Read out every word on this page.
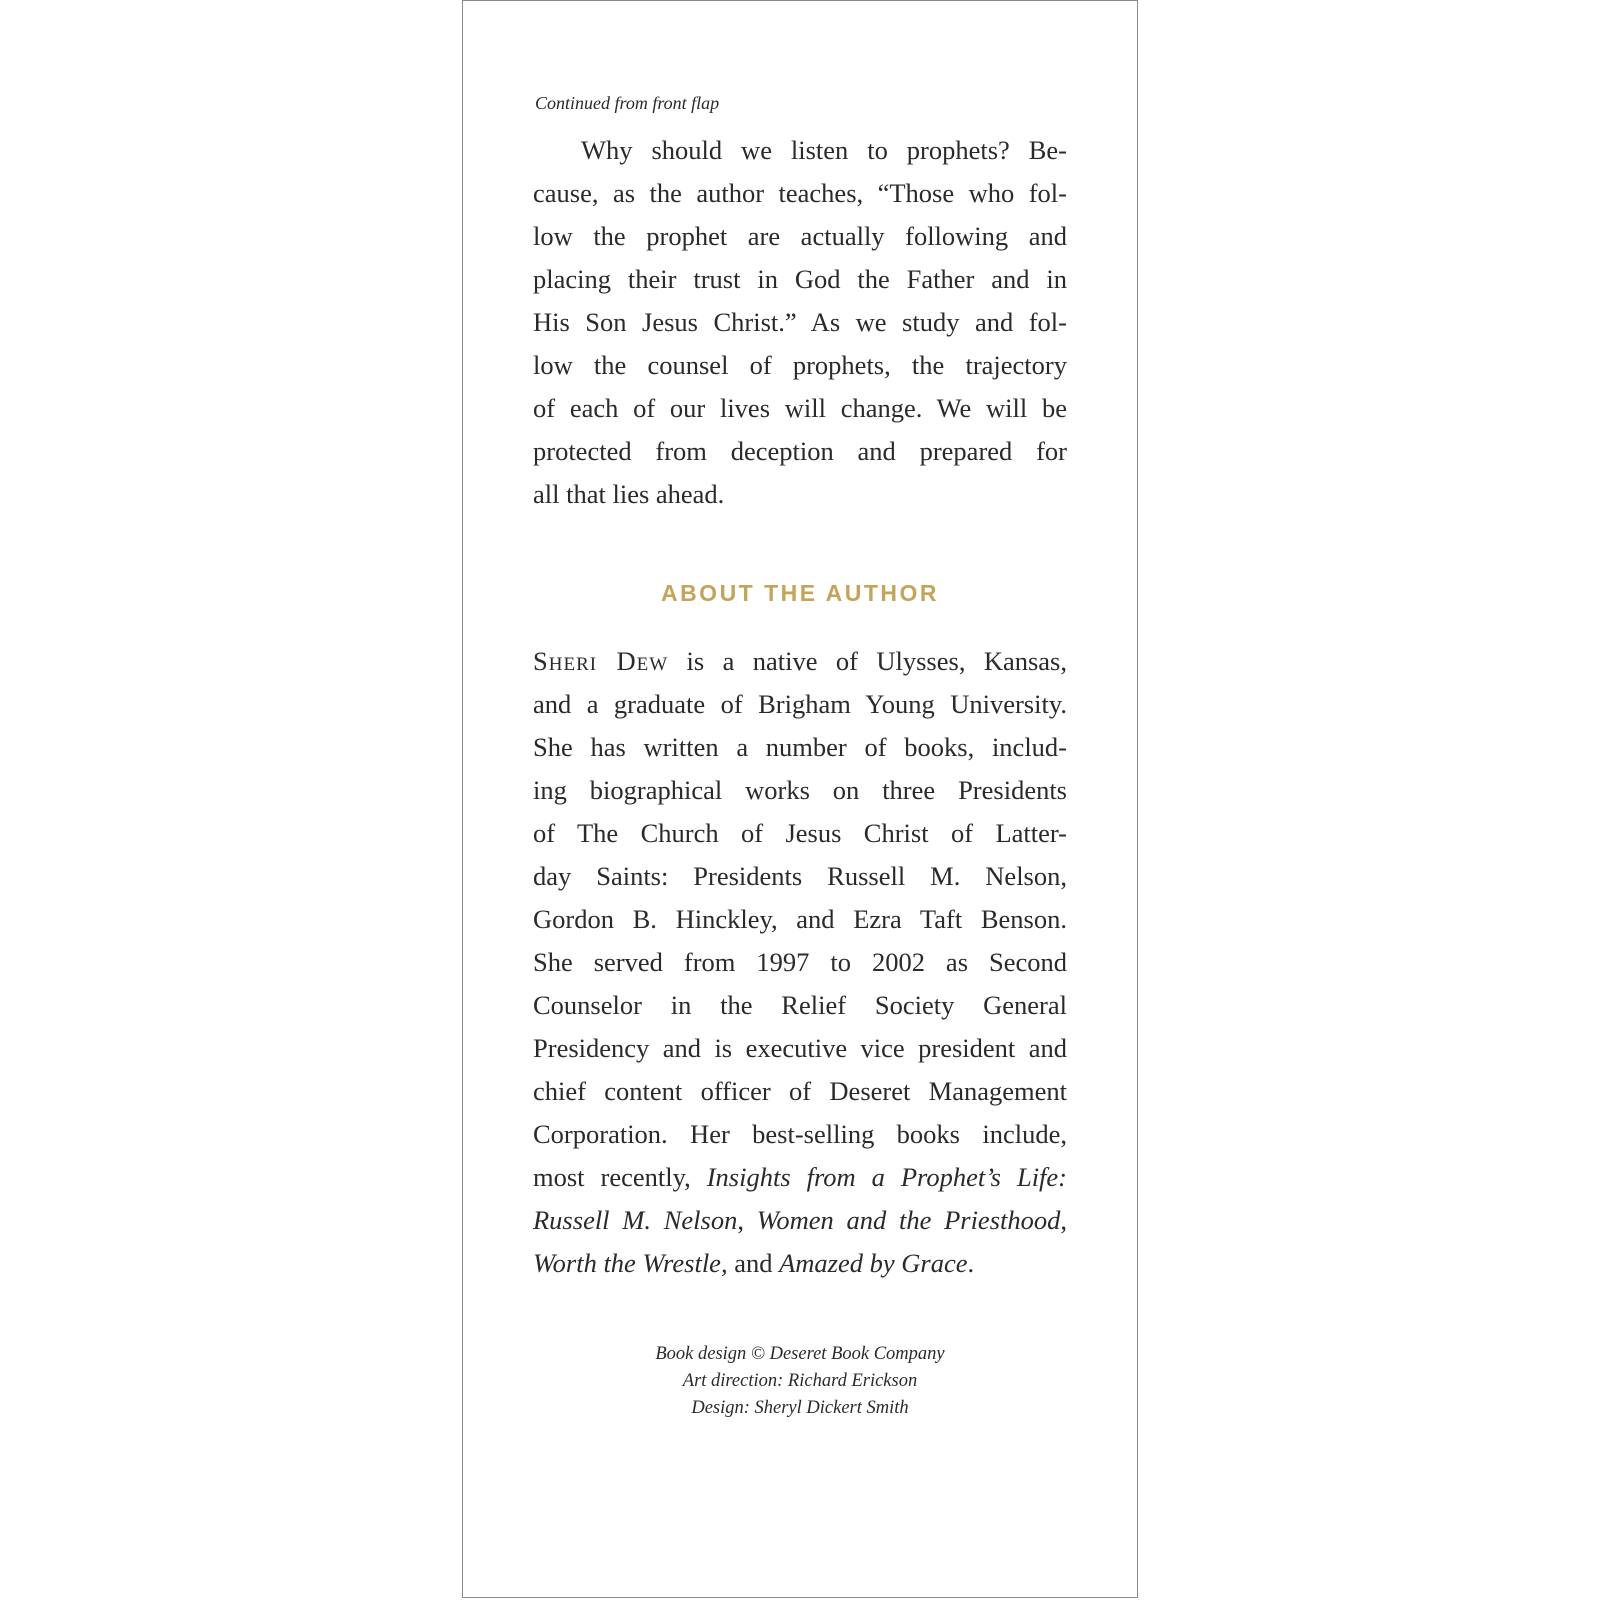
Continued from front flap
Why should we listen to prophets? Be-
cause, as the author teaches, “Those who fol-
low the prophet are actually following and
placing their trust in God the Father and in
His Son Jesus Christ.” As we study and fol-
low the counsel of prophets, the trajectory
of each of our lives will change. We will be
protected from deception and prepared for
all that lies ahead.
ABOUT THE AUTHOR
Sheri Dew is a native of Ulysses, Kansas,
and a graduate of Brigham Young University.
She has written a number of books, includ-
ing biographical works on three Presidents
of The Church of Jesus Christ of Latter-
day Saints: Presidents Russell M. Nelson,
Gordon B. Hinckley, and Ezra Taft Benson.
She served from 1997 to 2002 as Second
Counselor in the Relief Society General
Presidency and is executive vice president and
chief content officer of Deseret Management
Corporation. Her best-selling books include,
most recently, Insights from a Prophet’s Life:
Russell M. Nelson, Women and the Priesthood,
Worth the Wrestle, and Amazed by Grace.
Book design © Deseret Book Company
Art direction: Richard Erickson
Design: Sheryl Dickert Smith
